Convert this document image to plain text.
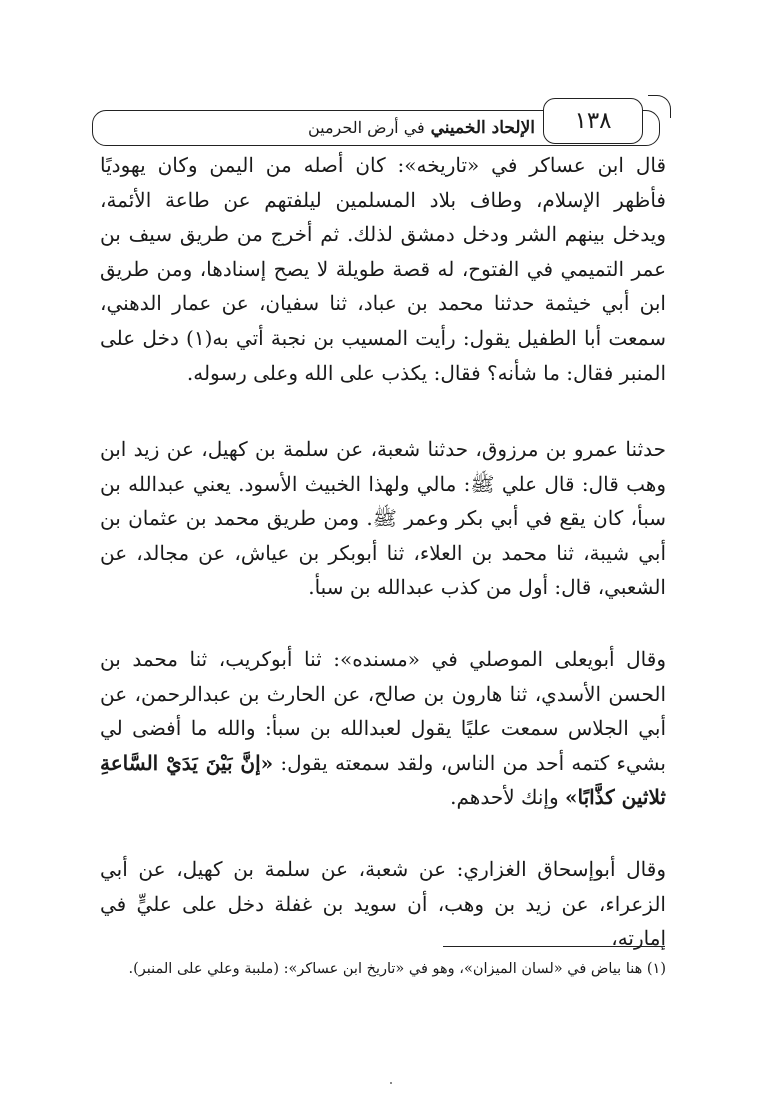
الإلحاد الخميني في أرض الحرمين	١٣٨

قال ابن عساكر في «تاريخه»: كان أصله من اليمن وكان يهوديًا فأظهر الإسلام، وطاف بلاد المسلمين ليلفتهم عن طاعة الأئمة، ويدخل بينهم الشر ودخل دمشق لذلك. ثم أخرج من طريق سيف بن عمر التميمي في الفتوح، له قصة طويلة لا يصح إسنادها، ومن طريق ابن أبي خيثمة حدثنا محمد بن عباد، ثنا سفيان، عن عمار الدهني، سمعت أبا الطفيل يقول: رأيت المسيب بن نجبة أتي به(١) دخل على المنبر فقال: ما شأنه؟ فقال: يكذب على الله وعلى رسوله.

حدثنا عمرو بن مرزوق، حدثنا شعبة، عن سلمة بن كهيل، عن زيد ابن وهب قال: قال علي ﷺ: مالي ولهذا الخبيث الأسود. يعني عبدالله بن سبأ، كان يقع في أبي بكر وعمر ﷺ. ومن طريق محمد بن عثمان بن أبي شيبة، ثنا محمد بن العلاء، ثنا أبوبكر بن عياش، عن مجالد، عن الشعبي، قال: أول من كذب عبدالله بن سبأ.

وقال أبويعلى الموصلي في «مسنده»: ثنا أبوكريب، ثنا محمد بن الحسن الأسدي، ثنا هارون بن صالح، عن الحارث بن عبدالرحمن، عن أبي الجلاس سمعت عليًا يقول لعبدالله بن سبأ: والله ما أفضى لي بشيء كتمه أحد من الناس، ولقد سمعته يقول: «إنَّ بَيْنَ يَدَيْ السَّاعةِ ثلاثين كذَّابًا» وإنك لأحدهم.

وقال أبوإسحاق الغزاري: عن شعبة، عن سلمة بن كهيل، عن أبي الزعراء، عن زيد بن وهب، أن سويد بن غفلة دخل على عليٍّ في إمارته،

(١) هنا بياض في «لسان الميزان»، وهو في «تاريخ ابن عساكر»: (ملببة وعلي على المنبر).
